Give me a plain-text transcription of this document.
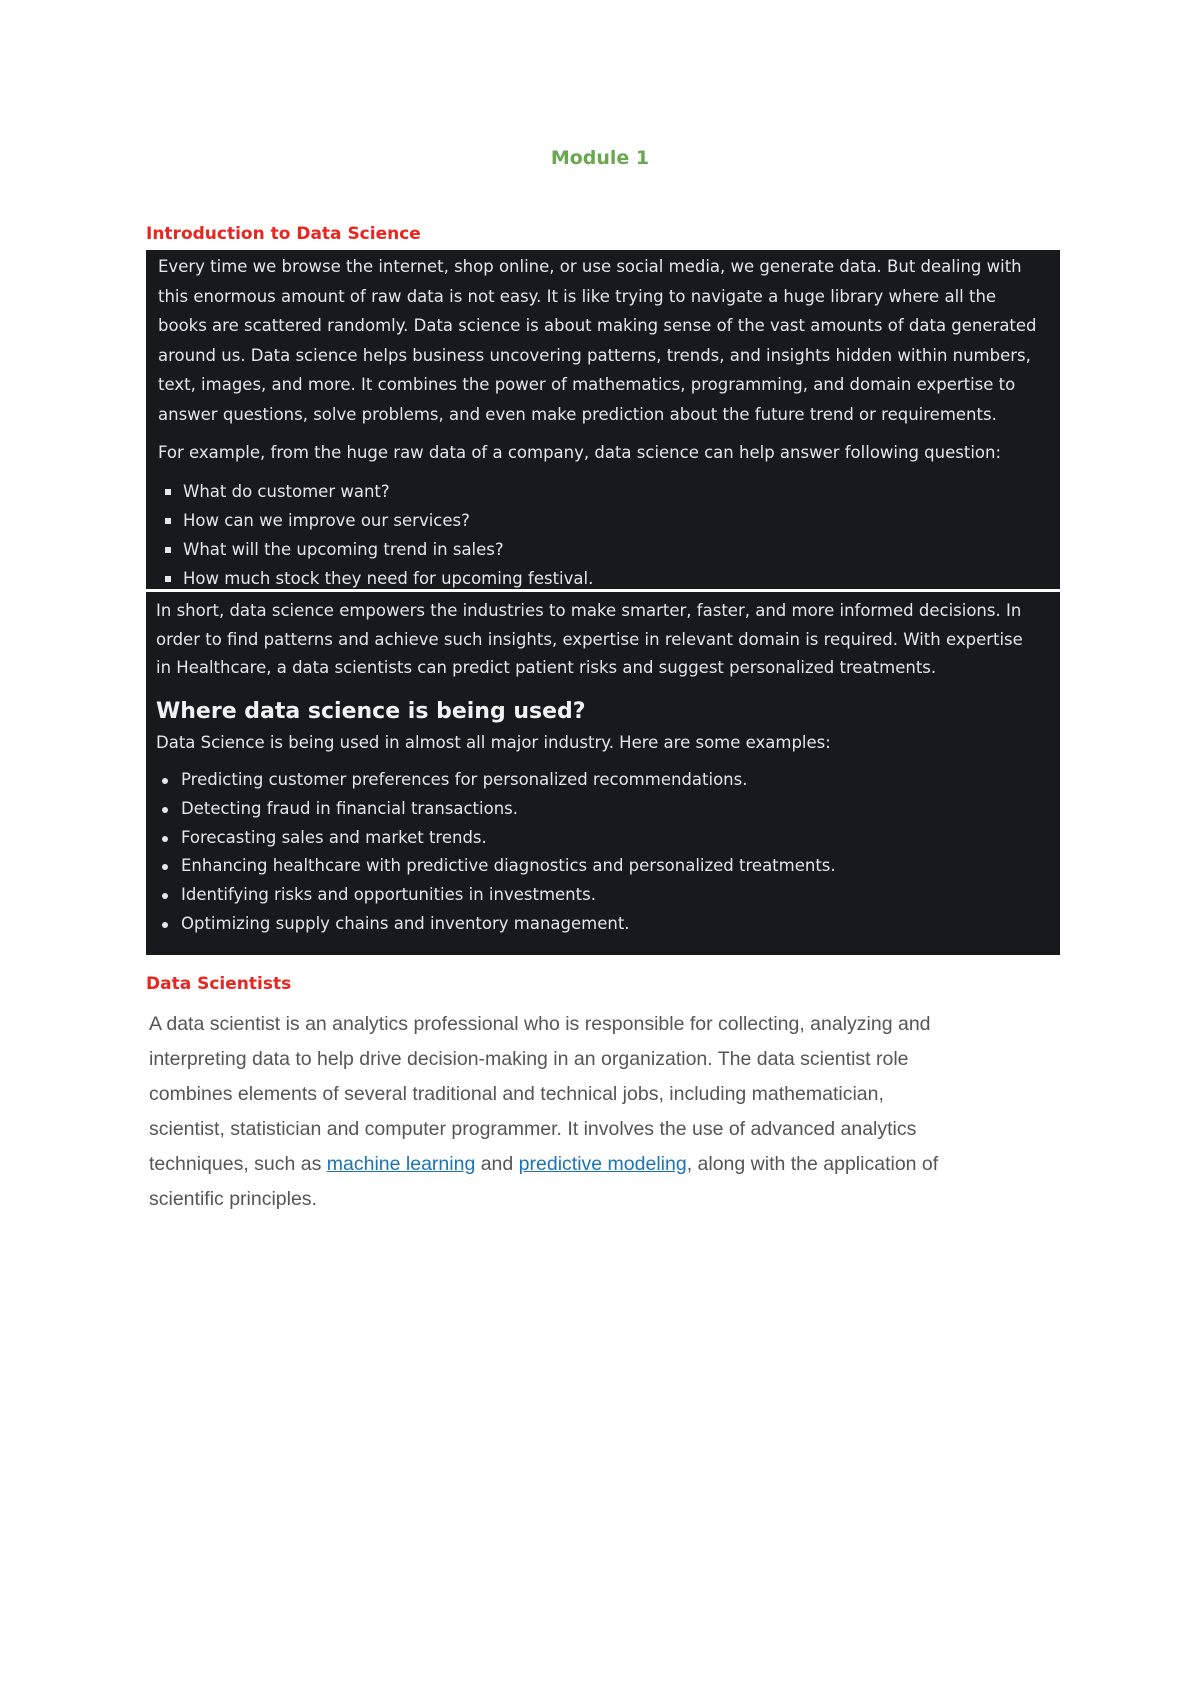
Module 1
Introduction to Data Science

Every time we browse the internet, shop online, or use social media, we generate data. But dealing with
this enormous amount of raw data is not easy. It is like trying to navigate a huge library where all the
books are scattered randomly. Data science is about making sense of the vast amounts of data generated
around us. Data science helps business uncovering patterns, trends, and insights hidden within numbers,
text, images, and more. It combines the power of mathematics, programming, and domain expertise to
answer questions, solve problems, and even make prediction about the future trend or requirements.

For example, from the huge raw data of a company, data science can help answer following question:

What do customer want?
How can we improve our services?
What will the upcoming trend in sales?
How much stock they need for upcoming festival.

In short, data science empowers the industries to make smarter, faster, and more informed decisions. In
order to find patterns and achieve such insights, expertise in relevant domain is required. With expertise
in Healthcare, a data scientists can predict patient risks and suggest personalized treatments.

Where data science is being used?

Data Science is being used in almost all major industry. Here are some examples:

Predicting customer preferences for personalized recommendations.
Detecting fraud in financial transactions.
Forecasting sales and market trends.
Enhancing healthcare with predictive diagnostics and personalized treatments.
Identifying risks and opportunities in investments.
Optimizing supply chains and inventory management.
Data Scientists

A data scientist is an analytics professional who is responsible for collecting, analyzing and
interpreting data to help drive decision-making in an organization. The data scientist role
combines elements of several traditional and technical jobs, including mathematician,
scientist, statistician and computer programmer. It involves the use of advanced analytics
techniques, such as machine learning and predictive modeling, along with the application of
scientific principles.
